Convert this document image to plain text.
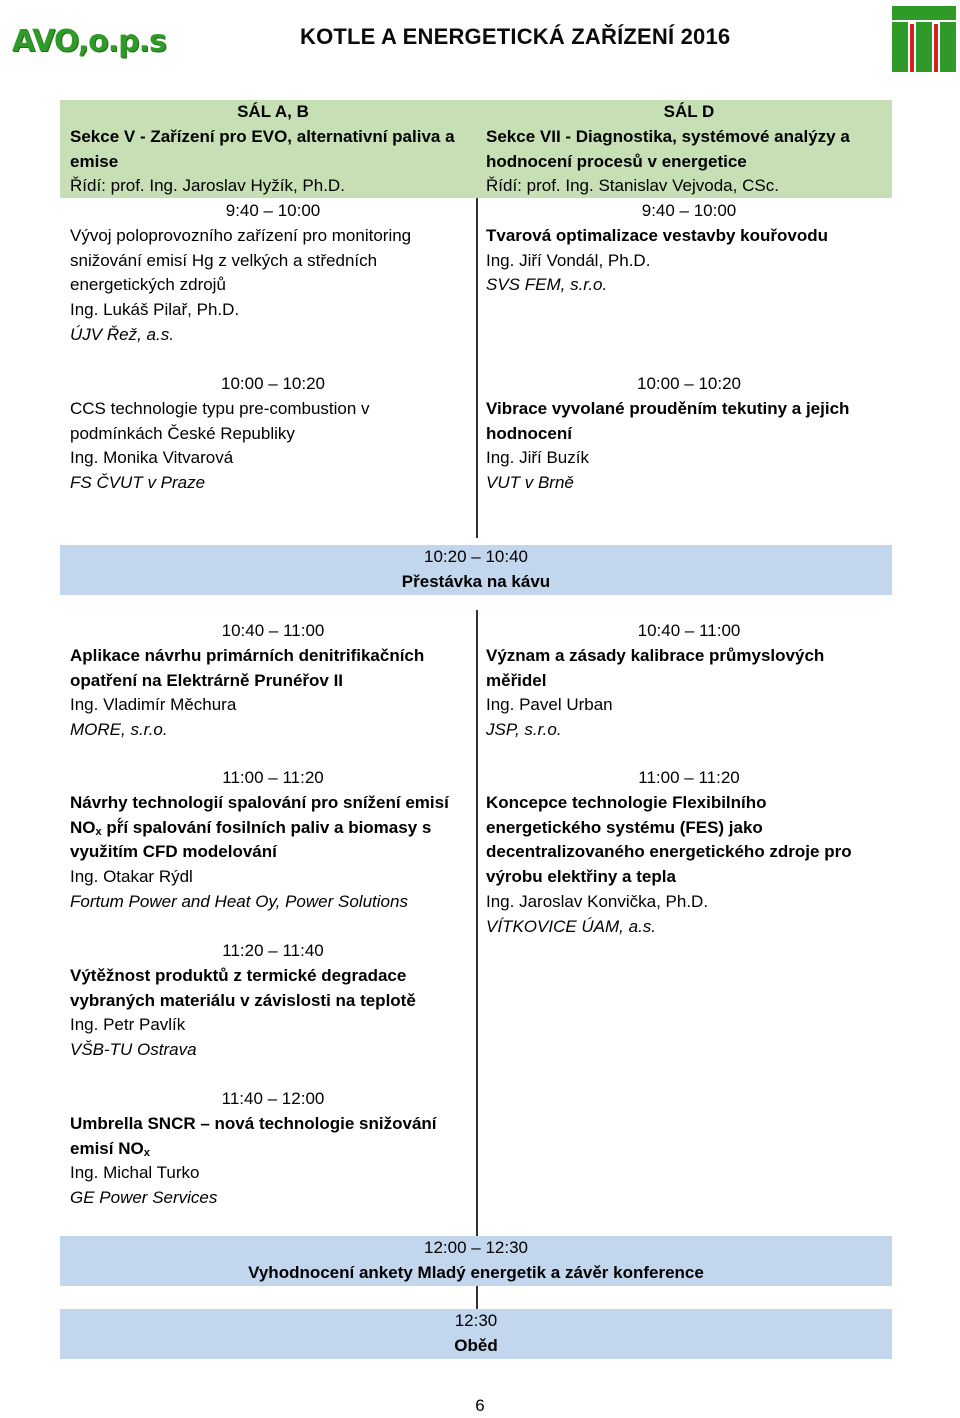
AVO,o.p.s	KOTLE A ENERGETICKÁ ZAŘÍZENÍ 2016
SÁL A, B
Sekce V - Zařízení pro EVO, alternativní paliva a
emise
Řídí: prof. Ing. Jaroslav Hyžík, Ph.D.
SÁL D
Sekce VII - Diagnostika, systémové analýzy a
hodnocení procesů v energetice
Řídí: prof. Ing. Stanislav Vejvoda, CSc.
9:40 – 10:00
Vývoj poloprovozního zařízení pro monitoring
snižování emisí Hg z velkých a středních
energetických zdrojů
Ing. Lukáš Pilař, Ph.D.
ÚJV Řež, a.s.
9:40 – 10:00
Tvarová optimalizace vestavby kouřovodu
Ing. Jiří Vondál, Ph.D.
SVS FEM, s.r.o.
10:00 – 10:20
CCS technologie typu pre-combustion v
podmínkách České Republiky
Ing. Monika Vitvarová
FS ČVUT v Praze
10:00 – 10:20
Vibrace vyvolané prouděním tekutiny a jejich
hodnocení
Ing. Jiří Buzík
VUT v Brně
10:20 – 10:40
Přestávka na kávu
10:40 – 11:00
Aplikace návrhu primárních denitrifikačních
opatření na Elektrárně Prunéřov II
Ing. Vladimír Měchura
MORE, s.r.o.
10:40 – 11:00
Význam a zásady kalibrace průmyslových
měřidel
Ing. Pavel Urban
JSP, s.r.o.
11:00 – 11:20
Návrhy technologií spalování pro snížení emisí
$NO_x$ př́í spalování fosilních paliv a biomasy s
využitím CFD modelování
Ing. Otakar Rýdl
Fortum Power and Heat Oy, Power Solutions
11:00 – 11:20
Koncepce technologie Flexibilního
energetického systému (FES) jako
decentralizovaného energetického zdroje pro
výrobu elektřiny a tepla
Ing. Jaroslav Konvička, Ph.D.
VÍTKOVICE ÚAM, a.s.
11:20 – 11:40
Výtěžnost produktů z termické degradace
vybraných materiálu v závislosti na teplotě
Ing. Petr Pavlík
VŠB-TU Ostrava
11:40 – 12:00
Umbrella SNCR – nová technologie snižování
emisí $NO_x$
Ing. Michal Turko
GE Power Services
12:00 – 12:30
Vyhodnocení ankety Mladý energetik a závěr konference
12:30
Oběd
6
